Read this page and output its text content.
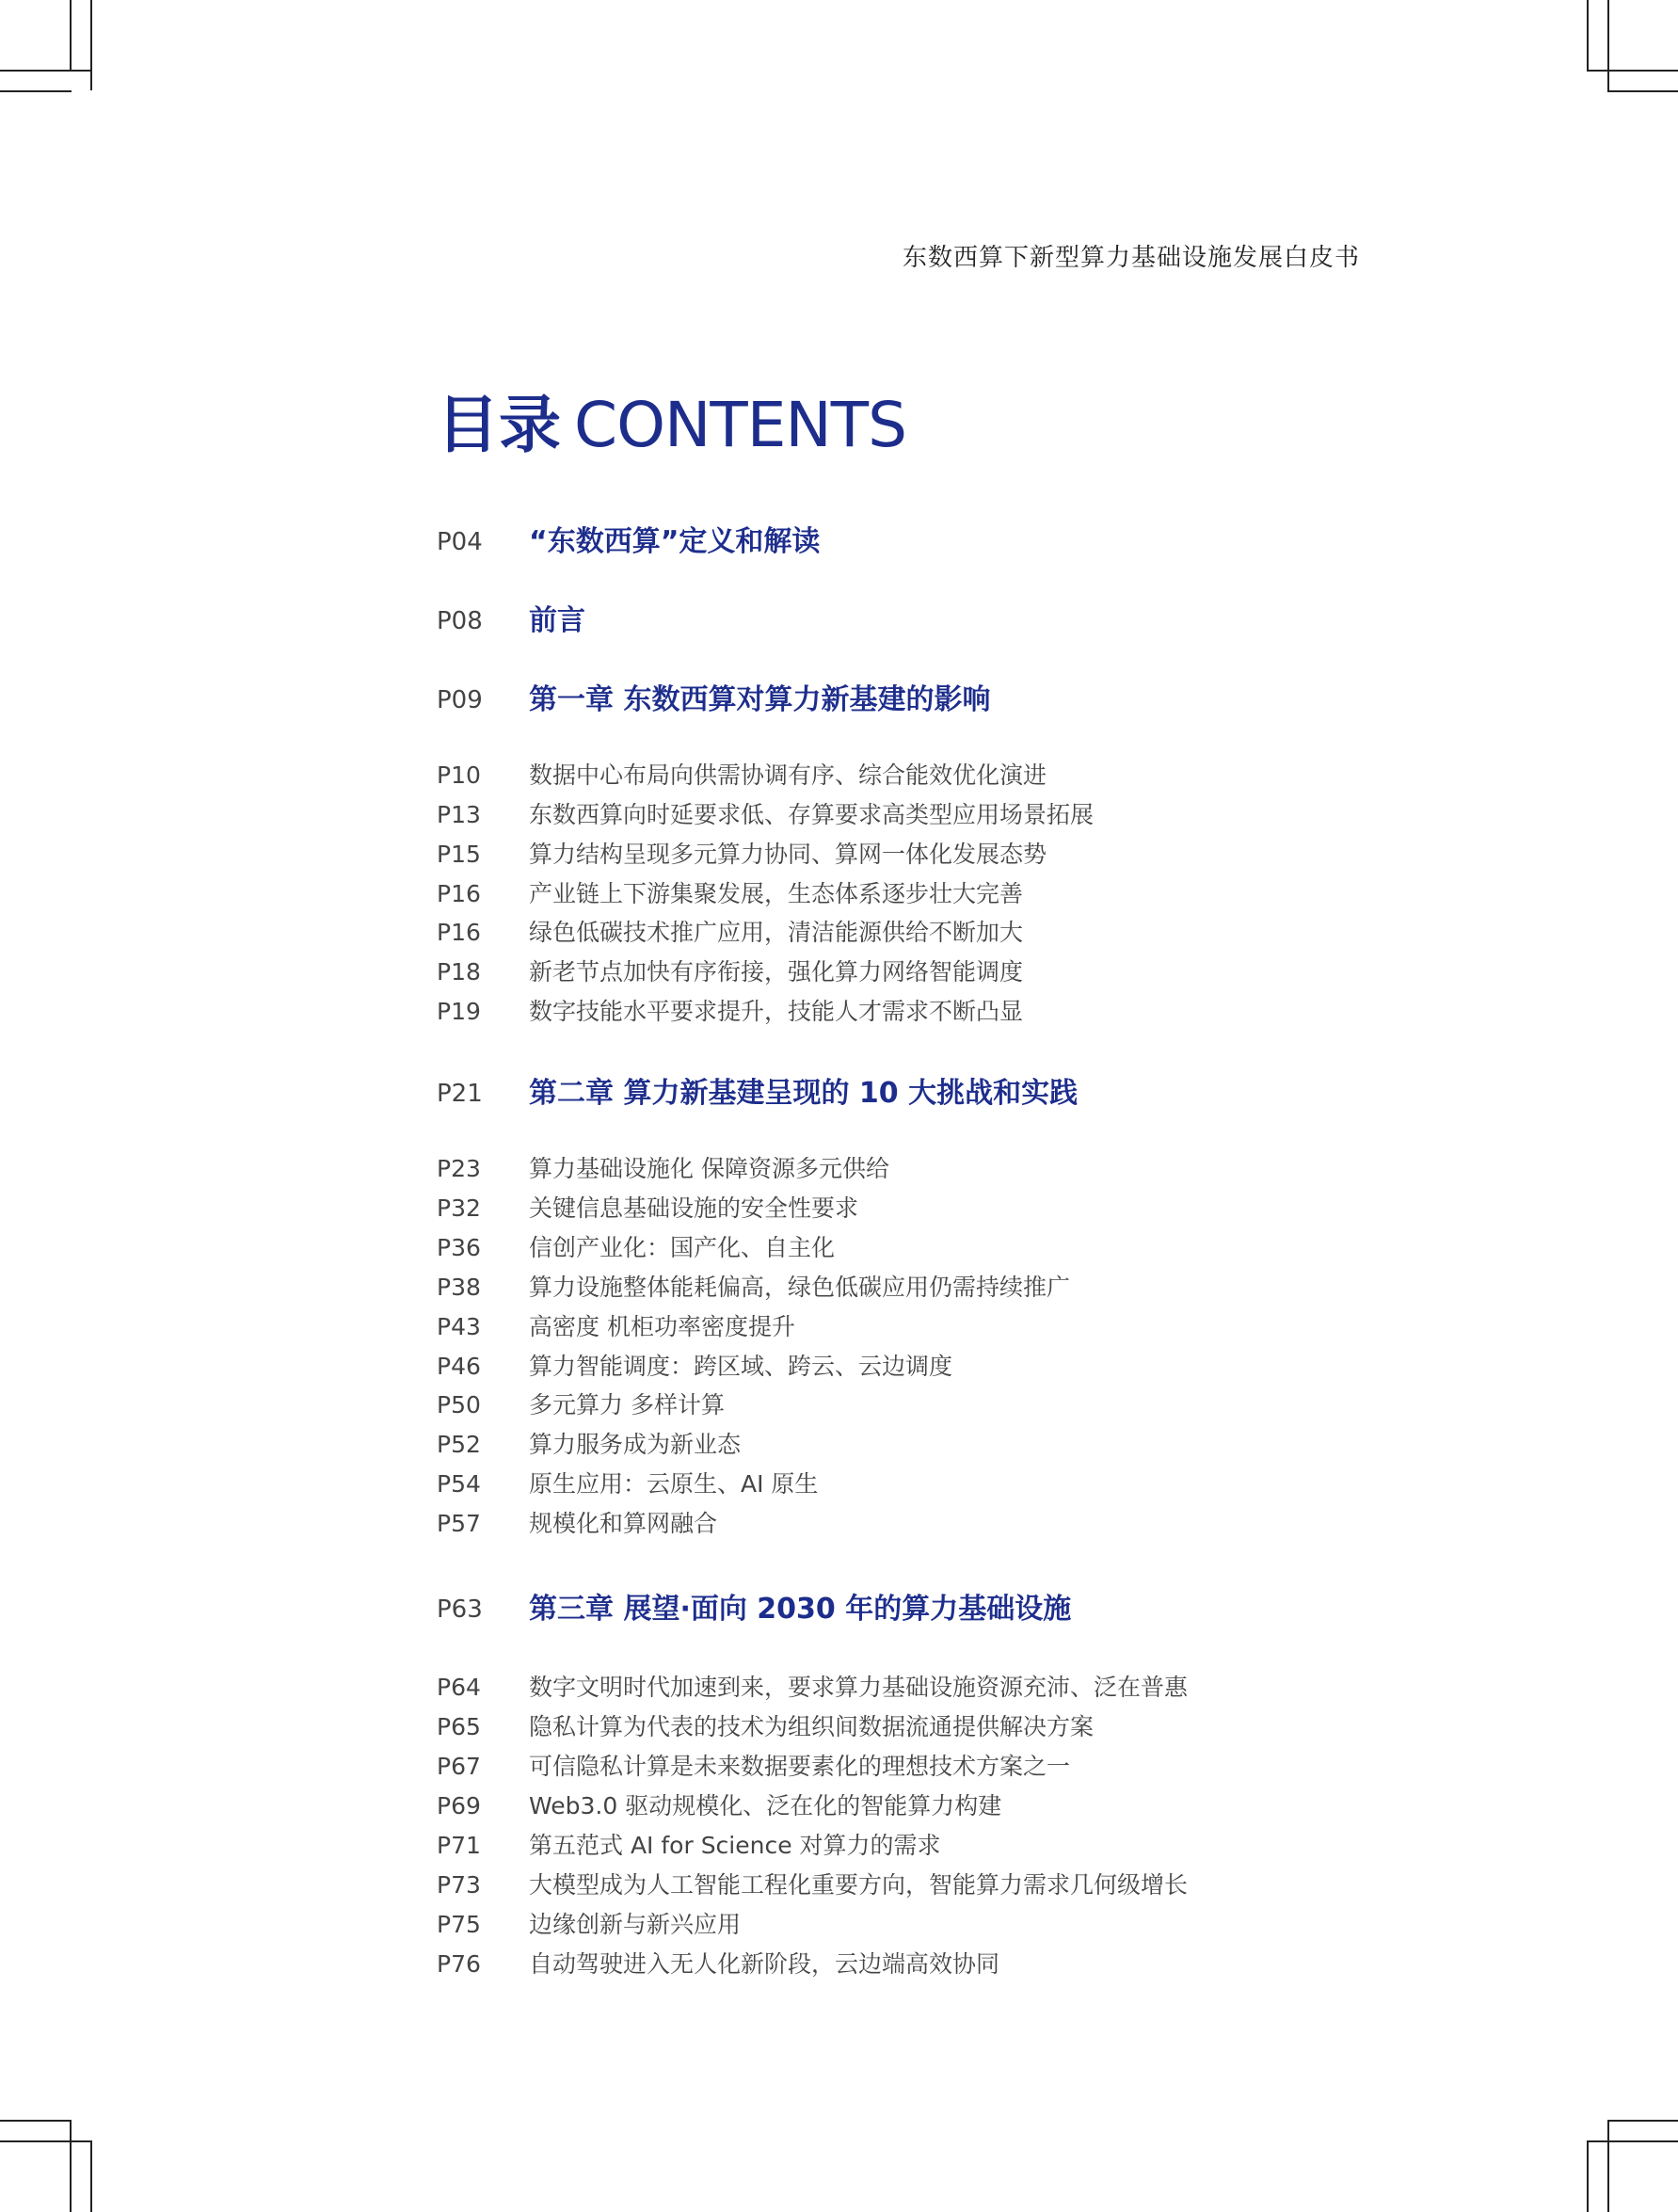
东数西算下新型算力基础设施发展白皮书
目录 CONTENTS
P04	“东数西算”定义和解读
P08	前言
P09	第一章 东数西算对算力新基建的影响
P10	数据中心布局向供需协调有序、综合能效优化演进
P13	东数西算向时延要求低、存算要求高类型应用场景拓展
P15	算力结构呈现多元算力协同、算网一体化发展态势
P16	产业链上下游集聚发展，生态体系逐步壮大完善
P16	绿色低碳技术推广应用，清洁能源供给不断加大
P18	新老节点加快有序衔接，强化算力网络智能调度
P19	数字技能水平要求提升，技能人才需求不断凸显
P21	第二章 算力新基建呈现的 10 大挑战和实践
P23	算力基础设施化 保障资源多元供给
P32	关键信息基础设施的安全性要求
P36	信创产业化：国产化、自主化
P38	算力设施整体能耗偏高，绿色低碳应用仍需持续推广
P43	高密度 机柜功率密度提升
P46	算力智能调度：跨区域、跨云、云边调度
P50	多元算力 多样计算
P52	算力服务成为新业态
P54	原生应用：云原生、AI 原生
P57	规模化和算网融合
P63	第三章 展望·面向 2030 年的算力基础设施
P64	数字文明时代加速到来，要求算力基础设施资源充沛、泛在普惠
P65	隐私计算为代表的技术为组织间数据流通提供解决方案
P67	可信隐私计算是未来数据要素化的理想技术方案之一
P69	Web3.0 驱动规模化、泛在化的智能算力构建
P71	第五范式 AI for Science 对算力的需求
P73	大模型成为人工智能工程化重要方向，智能算力需求几何级增长
P75	边缘创新与新兴应用
P76	自动驾驶进入无人化新阶段，云边端高效协同
